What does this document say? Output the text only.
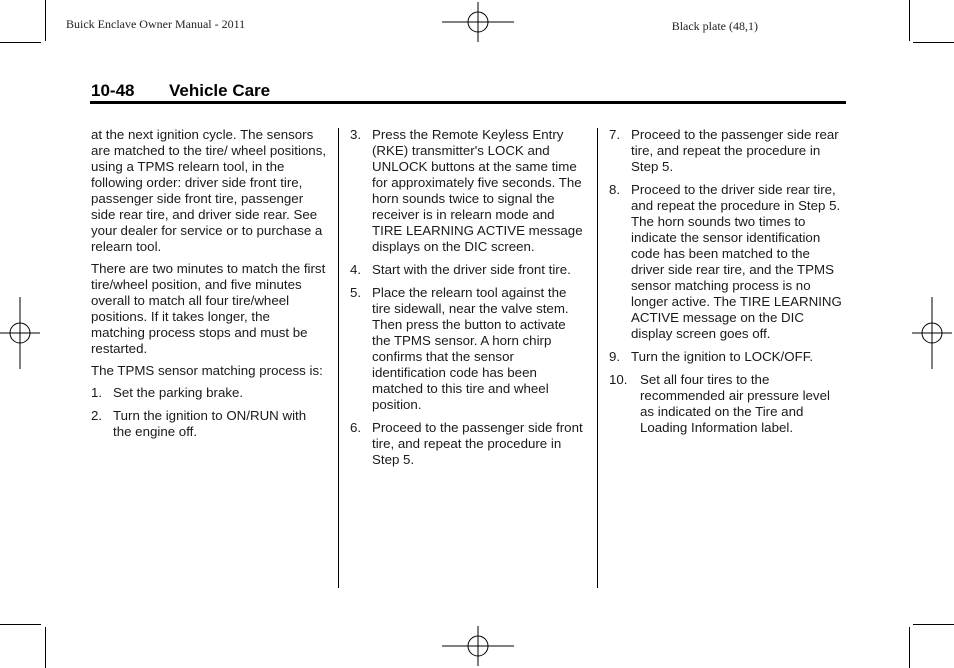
Buick Enclave Owner Manual - 2011	Black plate (48,1)
10-48 Vehicle Care

at the next ignition cycle. The sensors are matched to the tire/ wheel positions, using a TPMS relearn tool, in the following order: driver side front tire, passenger side front tire, passenger side rear tire, and driver side rear. See your dealer for service or to purchase a relearn tool.

There are two minutes to match the first tire/wheel position, and five minutes overall to match all four tire/wheel positions. If it takes longer, the matching process stops and must be restarted.

The TPMS sensor matching process is:

1. Set the parking brake.
2. Turn the ignition to ON/RUN with the engine off.
3. Press the Remote Keyless Entry (RKE) transmitter's LOCK and UNLOCK buttons at the same time for approximately five seconds. The horn sounds twice to signal the receiver is in relearn mode and TIRE LEARNING ACTIVE message displays on the DIC screen.
4. Start with the driver side front tire.
5. Place the relearn tool against the tire sidewall, near the valve stem. Then press the button to activate the TPMS sensor. A horn chirp confirms that the sensor identification code has been matched to this tire and wheel position.
6. Proceed to the passenger side front tire, and repeat the procedure in Step 5.
7. Proceed to the passenger side rear tire, and repeat the procedure in Step 5.
8. Proceed to the driver side rear tire, and repeat the procedure in Step 5. The horn sounds two times to indicate the sensor identification code has been matched to the driver side rear tire, and the TPMS sensor matching process is no longer active. The TIRE LEARNING ACTIVE message on the DIC display screen goes off.
9. Turn the ignition to LOCK/OFF.
10. Set all four tires to the recommended air pressure level as indicated on the Tire and Loading Information label.
